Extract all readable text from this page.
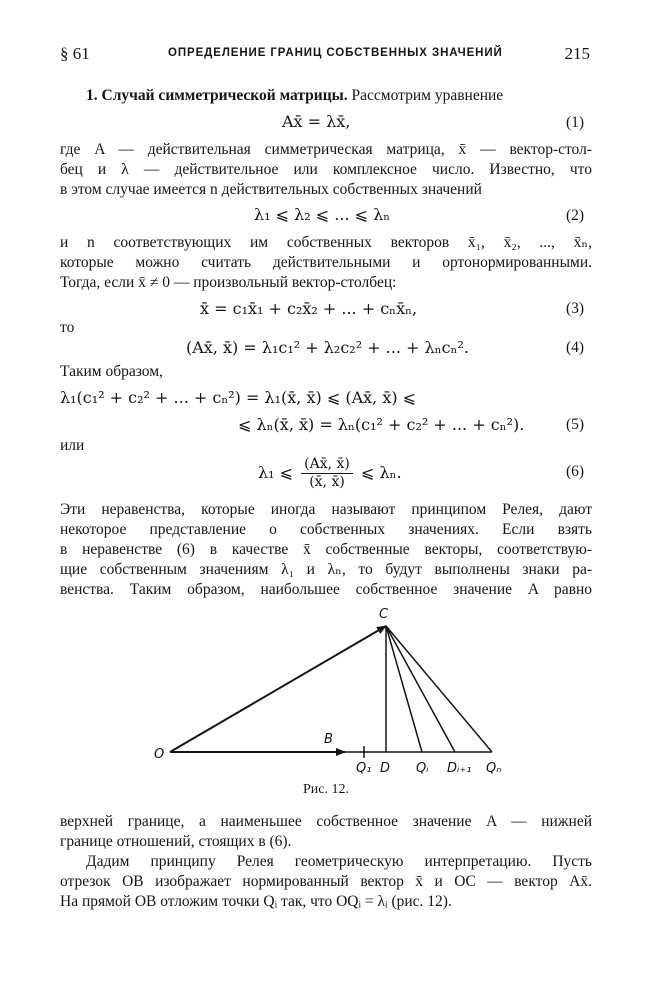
§ 61	ОПРЕДЕЛЕНИЕ ГРАНИЦ СОБСТВЕННЫХ ЗНАЧЕНИЙ	215
1. Случай симметрической матрицы. Рассмотрим уравнение
Ax̄ = λx̄,	(1)
где A — действительная симметрическая матрица, x̄ — вектор-стол-
бец и λ — действительное или комплексное число. Известно, что
в этом случае имеется n действительных собственных значений
λ₁ ⩽ λ₂ ⩽ ... ⩽ λₙ	(2)
и n соответствующих им собственных векторов x̄₁, x̄₂, ..., x̄ₙ,
которые можно считать действительными и ортонормированными.
Тогда, если x̄ ≠ 0 — произвольный вектор-столбец:
x̄ = c₁x̄₁ + c₂x̄₂ + ... + cₙx̄ₙ,	(3)
то
(Ax̄, x̄) = λ₁c₁² + λ₂c₂² + ... + λₙcₙ².	(4)
Таким образом,
λ₁(c₁² + c₂² + ... + cₙ²) = λ₁(x̄, x̄) ⩽ (Ax̄, x̄) ⩽
⩽ λₙ(x̄, x̄) = λₙ(c₁² + c₂² + ... + cₙ²).	(5)
или
λ₁ ⩽ $\frac{(Ax̄, x̄)}{(x̄, x̄)}$ ⩽ λₙ.	(6)
Эти неравенства, которые иногда называют принципом Релея, дают
некоторое представление о собственных значениях. Если взять
в неравенстве (6) в качестве x̄ собственные векторы, соответствую-
щие собственным значениям λ₁ и λₙ, то будут выполнены знаки ра-
венства. Таким образом, наибольшее собственное значение A равно
C
O
B
Q₁ D Qᵢ Dᵢ₊₁ Qₙ
Рис. 12.
верхней границе, а наименьшее собственное значение A — нижней
границе отношений, стоящих в (6).
Дадим принципу Релея геометрическую интерпретацию. Пусть
отрезок OB изображает нормированный вектор x̄ и OC — вектор Ax̄.
На прямой OB отложим точки Qᵢ так, что OQᵢ = λᵢ (рис. 12).
